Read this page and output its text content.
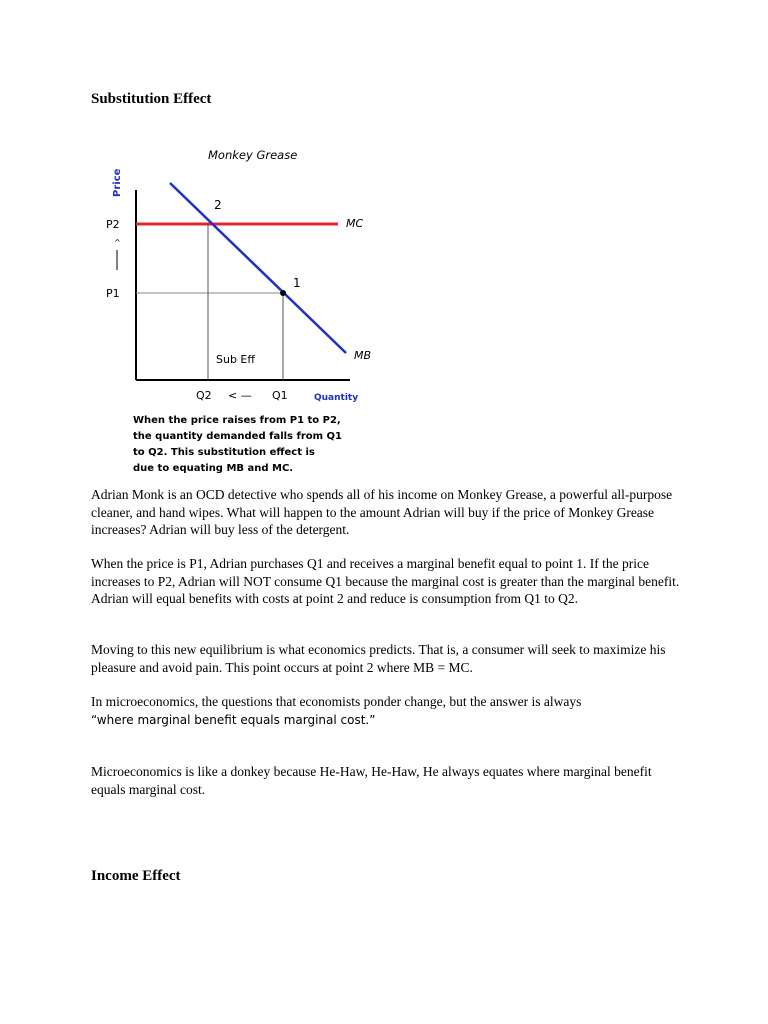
Substitution Effect
Monkey Grease
Price
P2
P1
^
MC
MB
2
1
Sub Eff
Q2 < — Q1	Quantity
When the price raises from P1 to P2,
the quantity demanded falls from Q1
to Q2. This substitution effect is
due to equating MB and MC.

Adrian Monk is an OCD detective who spends all of his income on Monkey Grease, a powerful all-purpose cleaner, and hand wipes. What will happen to the amount Adrian will buy if the price of Monkey Grease increases? Adrian will buy less of the detergent.

When the price is P1, Adrian purchases Q1 and receives a marginal benefit equal to point 1. If the price increases to P2, Adrian will NOT consume Q1 because the marginal cost is greater than the marginal benefit. Adrian will equal benefits with costs at point 2 and reduce is consumption from Q1 to Q2.

Moving to this new equilibrium is what economics predicts. That is, a consumer will seek to maximize his pleasure and avoid pain. This point occurs at point 2 where MB = MC.

In microeconomics, the questions that economists ponder change, but the answer is always
“where marginal benefit equals marginal cost.”

Microeconomics is like a donkey because He-Haw, He-Haw, He always equates where marginal benefit equals marginal cost.

Income Effect
